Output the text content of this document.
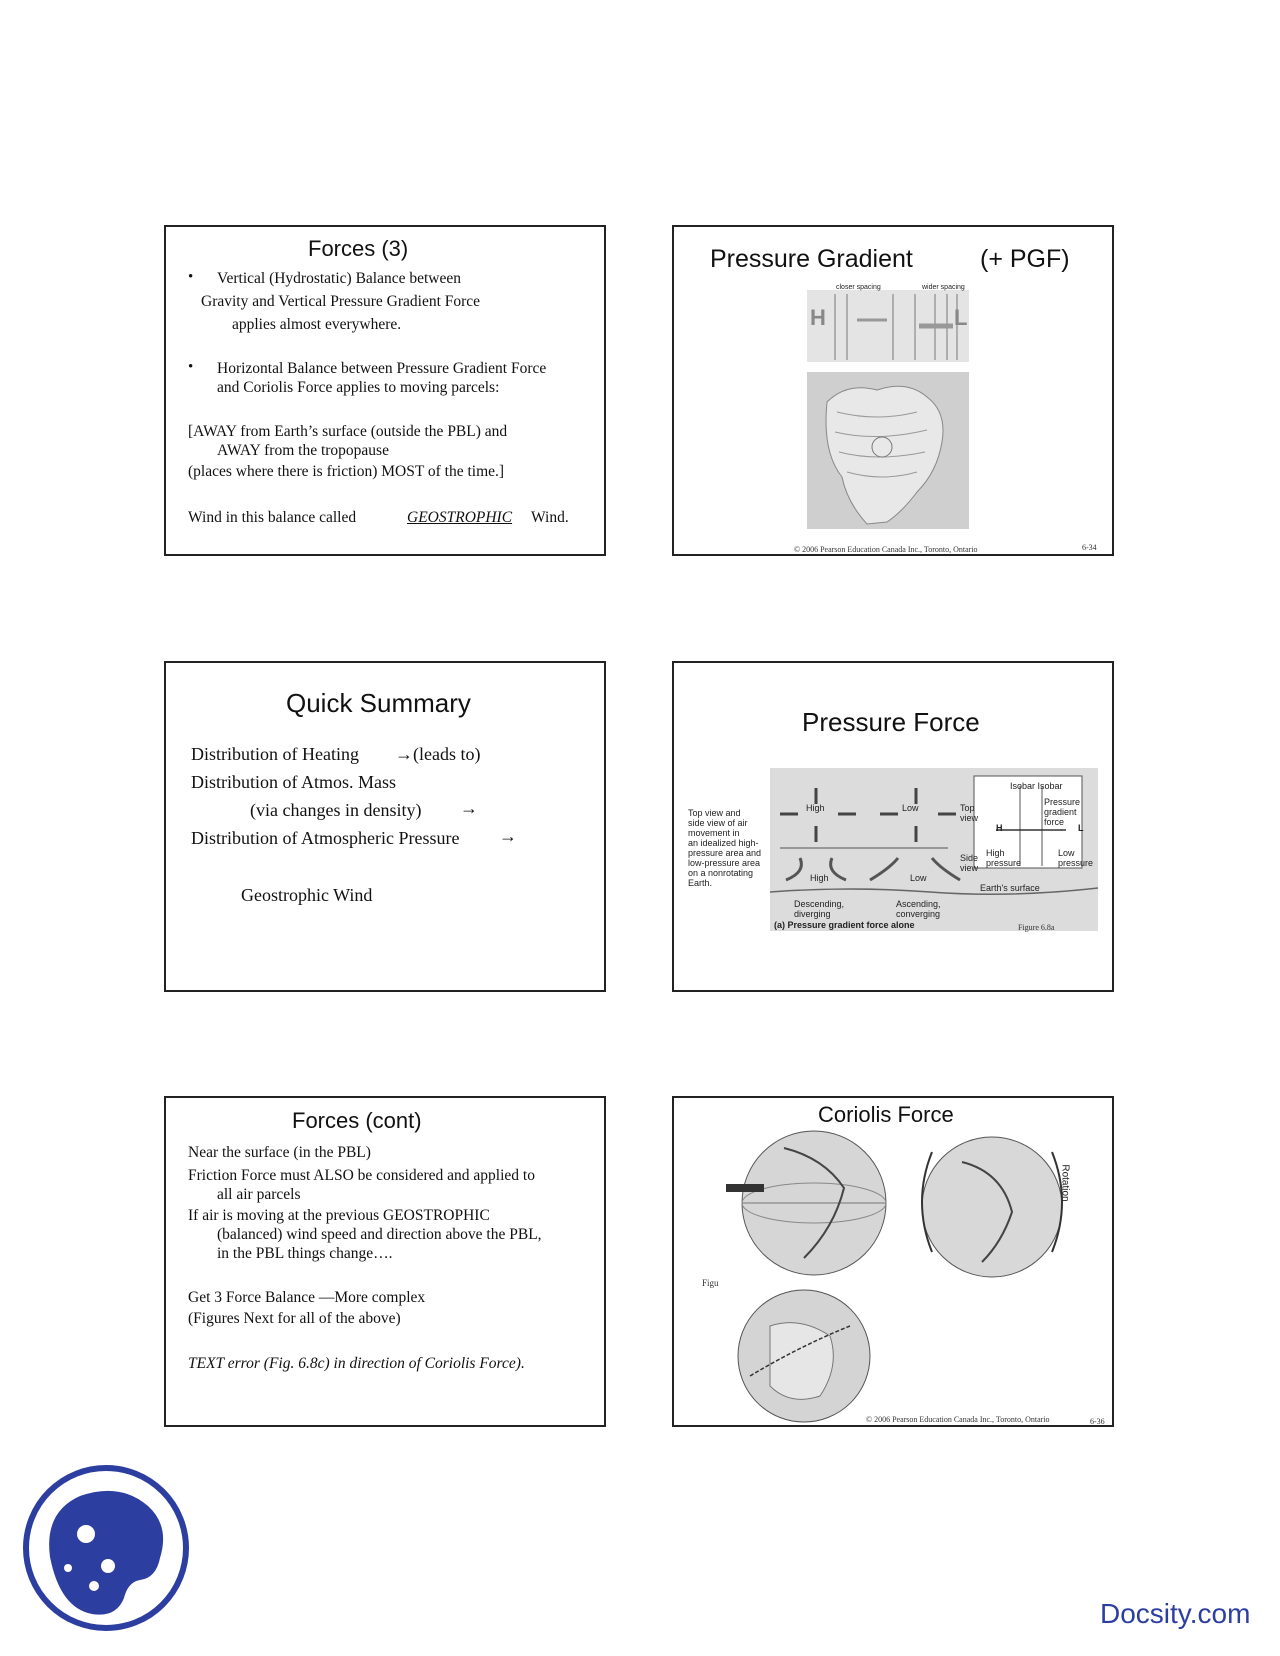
Forces (3)
• Vertical (Hydrostatic) Balance between
Gravity and Vertical Pressure Gradient Force
applies almost everywhere.
• Horizontal Balance between Pressure Gradient Force
and Coriolis Force applies to moving parcels:
[AWAY from Earth’s surface (outside the PBL) and
AWAY from the tropopause
(places where there is friction) MOST of the time.]
Wind in this balance called	GEOSTROPHIC Wind.
Pressure Gradient	(+ PGF)
closer spacing	wider spacing
H	L
© 2006 Pearson Education Canada Inc., Toronto, Ontario	6-34
Quick Summary
Distribution of Heating →(leads to)
Distribution of Atmos. Mass
(via changes in density) →
Distribution of Atmospheric Pressure →
Geostrophic Wind
Pressure Force
Top view and
side view of air
movement in
an idealized high-
pressure area and
low-pressure area
on a nonrotating
Earth.
High	Low	Top
view
Side
view
High	Low
Isobar Isobar
Pressure
gradient
force
H	L
High
pressure
Low
pressure
Earth's surface
Descending,
diverging
Ascending,
converging
(a) Pressure gradient force alone	Figure 6.8a
Forces (cont)
Near the surface (in the PBL)
Friction Force must ALSO be considered and applied to
all air parcels
If air is moving at the previous GEOSTROPHIC
(balanced) wind speed and direction above the PBL,
in the PBL things change….
Get 3 Force Balance —More complex
(Figures Next for all of the above)
TEXT error (Fig. 6.8c) in direction of Coriolis Force).
Coriolis Force
Rotation
Figu
© 2006 Pearson Education Canada Inc., Toronto, Ontario	6-36
Docsity.com
